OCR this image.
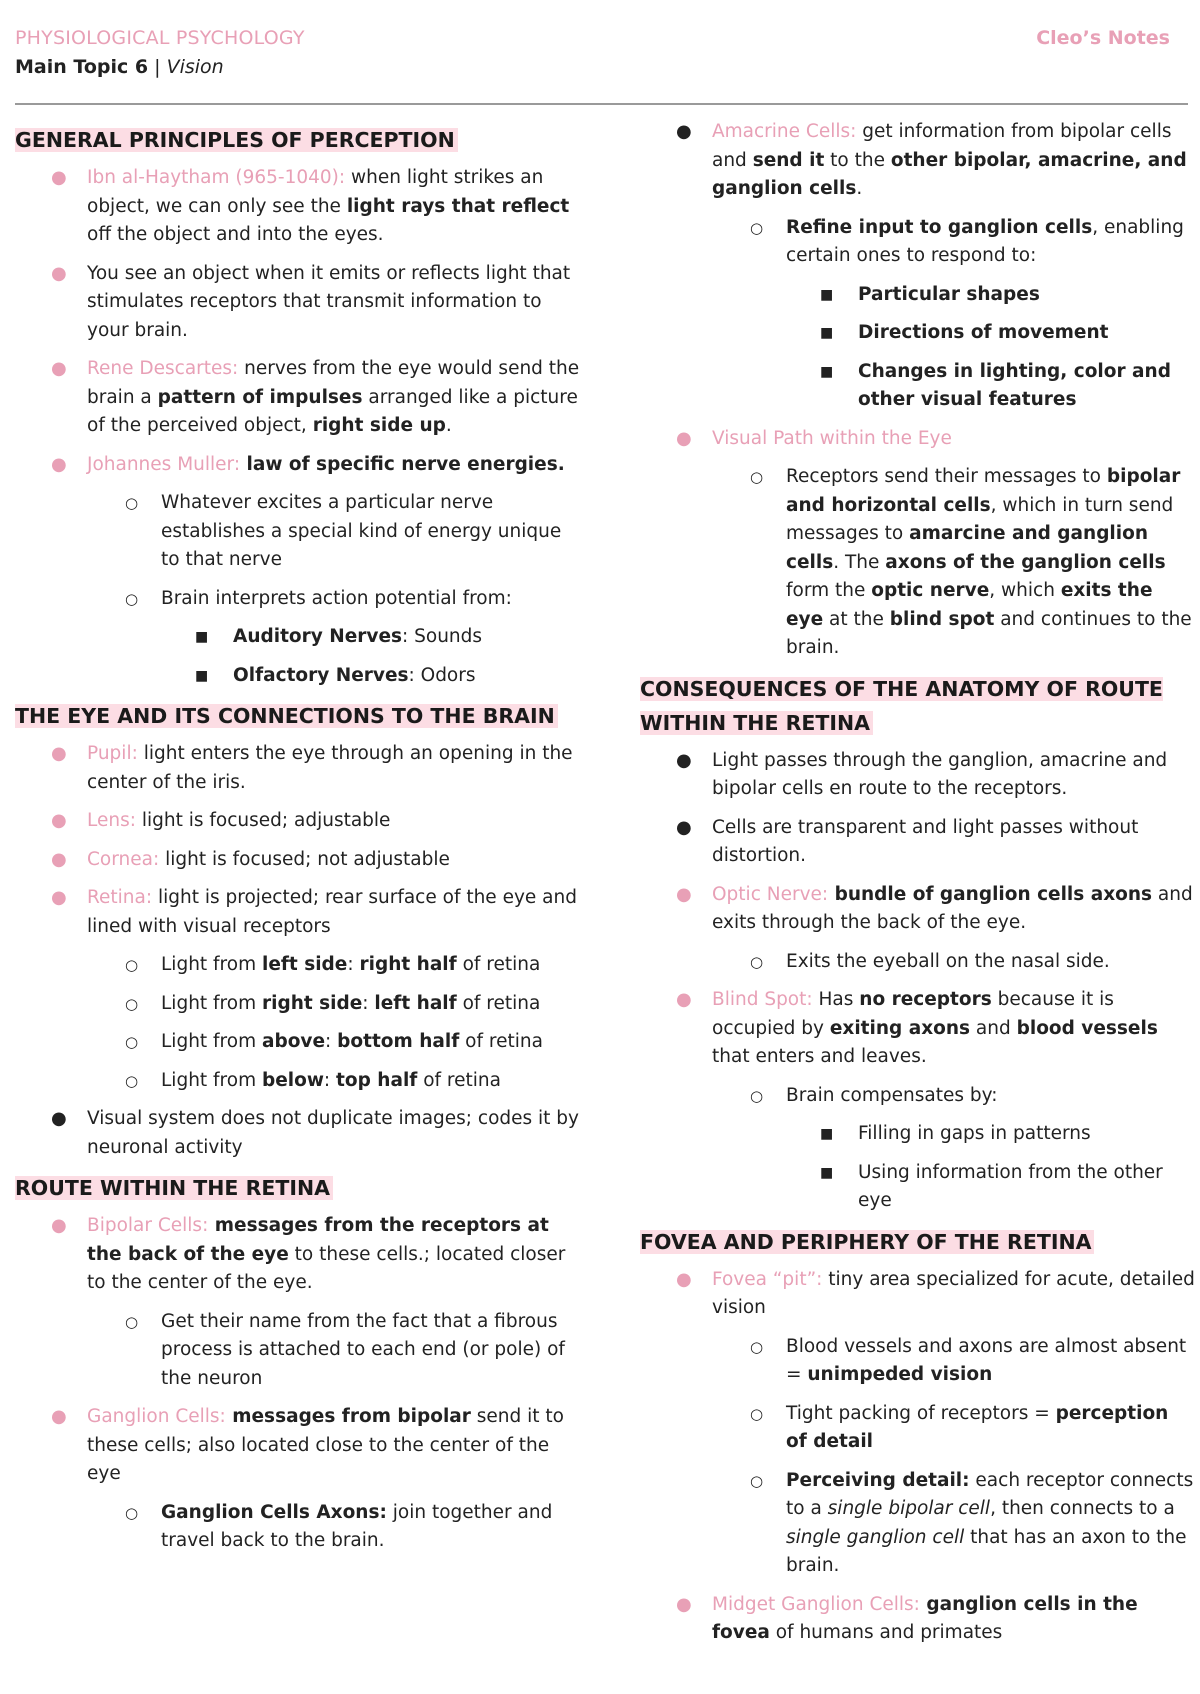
PHYSIOLOGICAL PSYCHOLOGY
Main Topic 6 | Vision
Cleo’s Notes
GENERAL PRINCIPLES OF PERCEPTION
● Ibn al-Haytham (965-1040): when light strikes an object, we can only see the light rays that reflect off the object and into the eyes.
● You see an object when it emits or reflects light that stimulates receptors that transmit information to your brain.
● Rene Descartes: nerves from the eye would send the brain a pattern of impulses arranged like a picture of the perceived object, right side up.
● Johannes Muller: law of specific nerve energies.
○ Whatever excites a particular nerve establishes a special kind of energy unique to that nerve
○ Brain interprets action potential from:
■ Auditory Nerves: Sounds
■ Olfactory Nerves: Odors
THE EYE AND ITS CONNECTIONS TO THE BRAIN
● Pupil: light enters the eye through an opening in the center of the iris.
● Lens: light is focused; adjustable
● Cornea: light is focused; not adjustable
● Retina: light is projected; rear surface of the eye and lined with visual receptors
○ Light from left side: right half of retina
○ Light from right side: left half of retina
○ Light from above: bottom half of retina
○ Light from below: top half of retina
● Visual system does not duplicate images; codes it by neuronal activity
ROUTE WITHIN THE RETINA
● Bipolar Cells: messages from the receptors at the back of the eye to these cells.; located closer to the center of the eye.
○ Get their name from the fact that a fibrous process is attached to each end (or pole) of the neuron
● Ganglion Cells: messages from bipolar send it to these cells; also located close to the center of the eye
○ Ganglion Cells Axons: join together and travel back to the brain.
● Amacrine Cells: get information from bipolar cells and send it to the other bipolar, amacrine, and ganglion cells.
○ Refine input to ganglion cells, enabling certain ones to respond to:
■ Particular shapes
■ Directions of movement
■ Changes in lighting, color and other visual features
● Visual Path within the Eye
○ Receptors send their messages to bipolar and horizontal cells, which in turn send messages to amarcine and ganglion cells. The axons of the ganglion cells form the optic nerve, which exits the eye at the blind spot and continues to the brain.
CONSEQUENCES OF THE ANATOMY OF ROUTE WITHIN THE RETINA
● Light passes through the ganglion, amacrine and bipolar cells en route to the receptors.
● Cells are transparent and light passes without distortion.
● Optic Nerve: bundle of ganglion cells axons and exits through the back of the eye.
○ Exits the eyeball on the nasal side.
● Blind Spot: Has no receptors because it is occupied by exiting axons and blood vessels that enters and leaves.
○ Brain compensates by:
■ Filling in gaps in patterns
■ Using information from the other eye
FOVEA AND PERIPHERY OF THE RETINA
● Fovea “pit”: tiny area specialized for acute, detailed vision
○ Blood vessels and axons are almost absent = unimpeded vision
○ Tight packing of receptors = perception of detail
○ Perceiving detail: each receptor connects to a single bipolar cell, then connects to a single ganglion cell that has an axon to the brain.
● Midget Ganglion Cells: ganglion cells in the fovea of humans and primates
